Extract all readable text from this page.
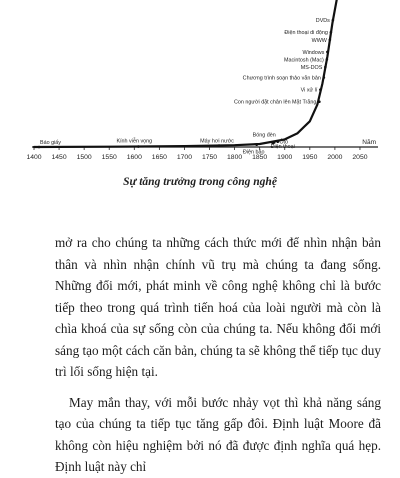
1400 1450 1500 1550 1600 1650 1700 1750 1800 1850 1900 1950 2000 2050
Năm
Báo giấy	Kính viễn vọng	Máy hơi nước
Bóng đèn
Điện báo
Điện thoại
Ôtô
Con người đặt chân lên Mặt Trăng
Vi xử lí
Chương trình soạn thảo văn bản
MS-DOS
Macintosh (Mac)
Windows
WWW
Điện thoại di động
DVDs
Sự tăng trưởng trong công nghệ

mở ra cho chúng ta những cách thức mới để nhìn nhận bản thân và nhìn nhận chính vũ trụ mà chúng ta đang sống. Những đổi mới, phát minh về công nghệ không chỉ là bước tiếp theo trong quá trình tiến hoá của loài người mà còn là chìa khoá của sự sống còn của chúng ta. Nếu không đổi mới sáng tạo một cách căn bản, chúng ta sẽ không thể tiếp tục duy trì lối sống hiện tại.

May mắn thay, với mỗi bước nhảy vọt thì khả năng sáng tạo của chúng ta tiếp tục tăng gấp đôi. Định luật Moore đã không còn hiệu nghiệm bởi nó đã được định nghĩa quá hẹp. Định luật này chỉ
